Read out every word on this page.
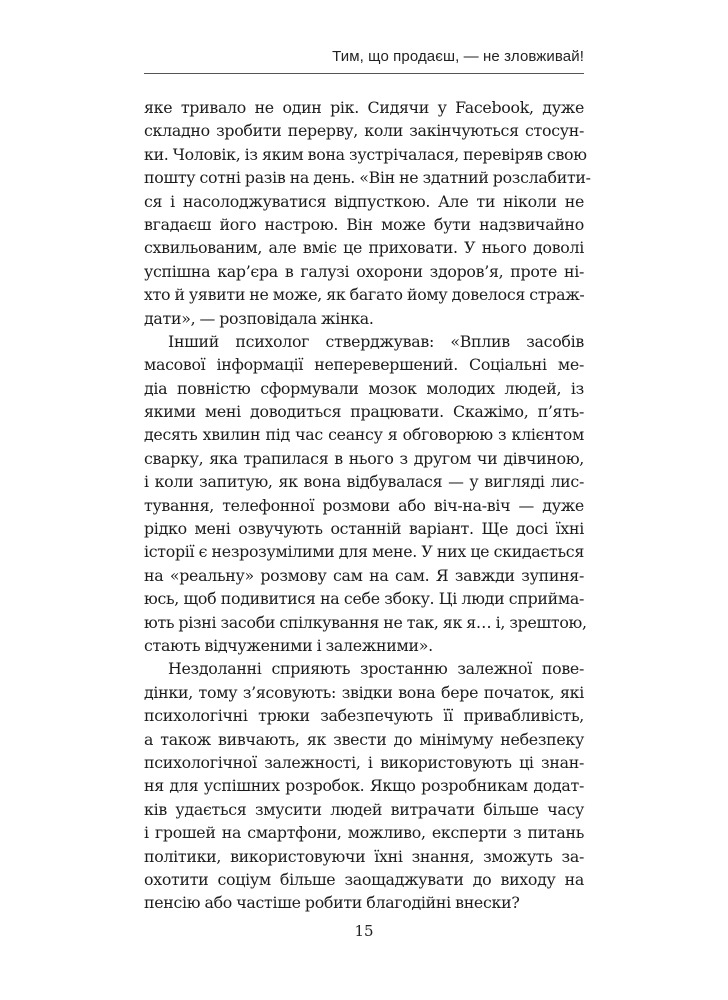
Тим, що продаєш, — не зловживай!
яке тривало не один рік. Сидячи у Facebook, дуже
складно зробити перерву, коли закінчуються стосун-
ки. Чоловік, із яким вона зустрічалася, перевіряв свою
пошту сотні разів на день. «Він не здатний розслабити-
ся і насолоджуватися відпусткою. Але ти ніколи не
вгадаєш його настрою. Він може бути надзвичайно
схвильованим, але вміє це приховати. У нього доволі
успішна кар’єра в галузі охорони здоров’я, проте ні-
хто й уявити не може, як багато йому довелося страж-
дати», — розповідала жінка.
Інший психолог стверджував: «Вплив засобів
масової інформації неперевершений. Соціальні ме-
діа повністю сформували мозок молодих людей, із
якими мені доводиться працювати. Скажімо, п’ять-
десять хвилин під час сеансу я обговорюю з клієнтом
сварку, яка трапилася в нього з другом чи дівчиною,
і коли запитую, як вона відбувалася — у вигляді лис-
тування, телефонної розмови або віч-на-віч — дуже
рідко мені озвучують останній варіант. Ще досі їхні
історії є незрозумілими для мене. У них це скидається
на «реальну» розмову сам на сам. Я завжди зупиня-
юсь, щоб подивитися на себе збоку. Ці люди сприйма-
ють різні засоби спілкування не так, як я… і, зрештою,
стають відчуженими і залежними».
Нездоланні сприяють зростанню залежної пове-
дінки, тому з’ясовують: звідки вона бере початок, які
психологічні трюки забезпечують її привабливість,
а також вивчають, як звести до мінімуму небезпеку
психологічної залежності, і використовують ці знан-
ня для успішних розробок. Якщо розробникам додат-
ків удається змусити людей витрачати більше часу
і грошей на смартфони, можливо, експерти з питань
політики, використовуючи їхні знання, зможуть за-
охотити соціум більше заощаджувати до виходу на
пенсію або частіше робити благодійні внески?
15
